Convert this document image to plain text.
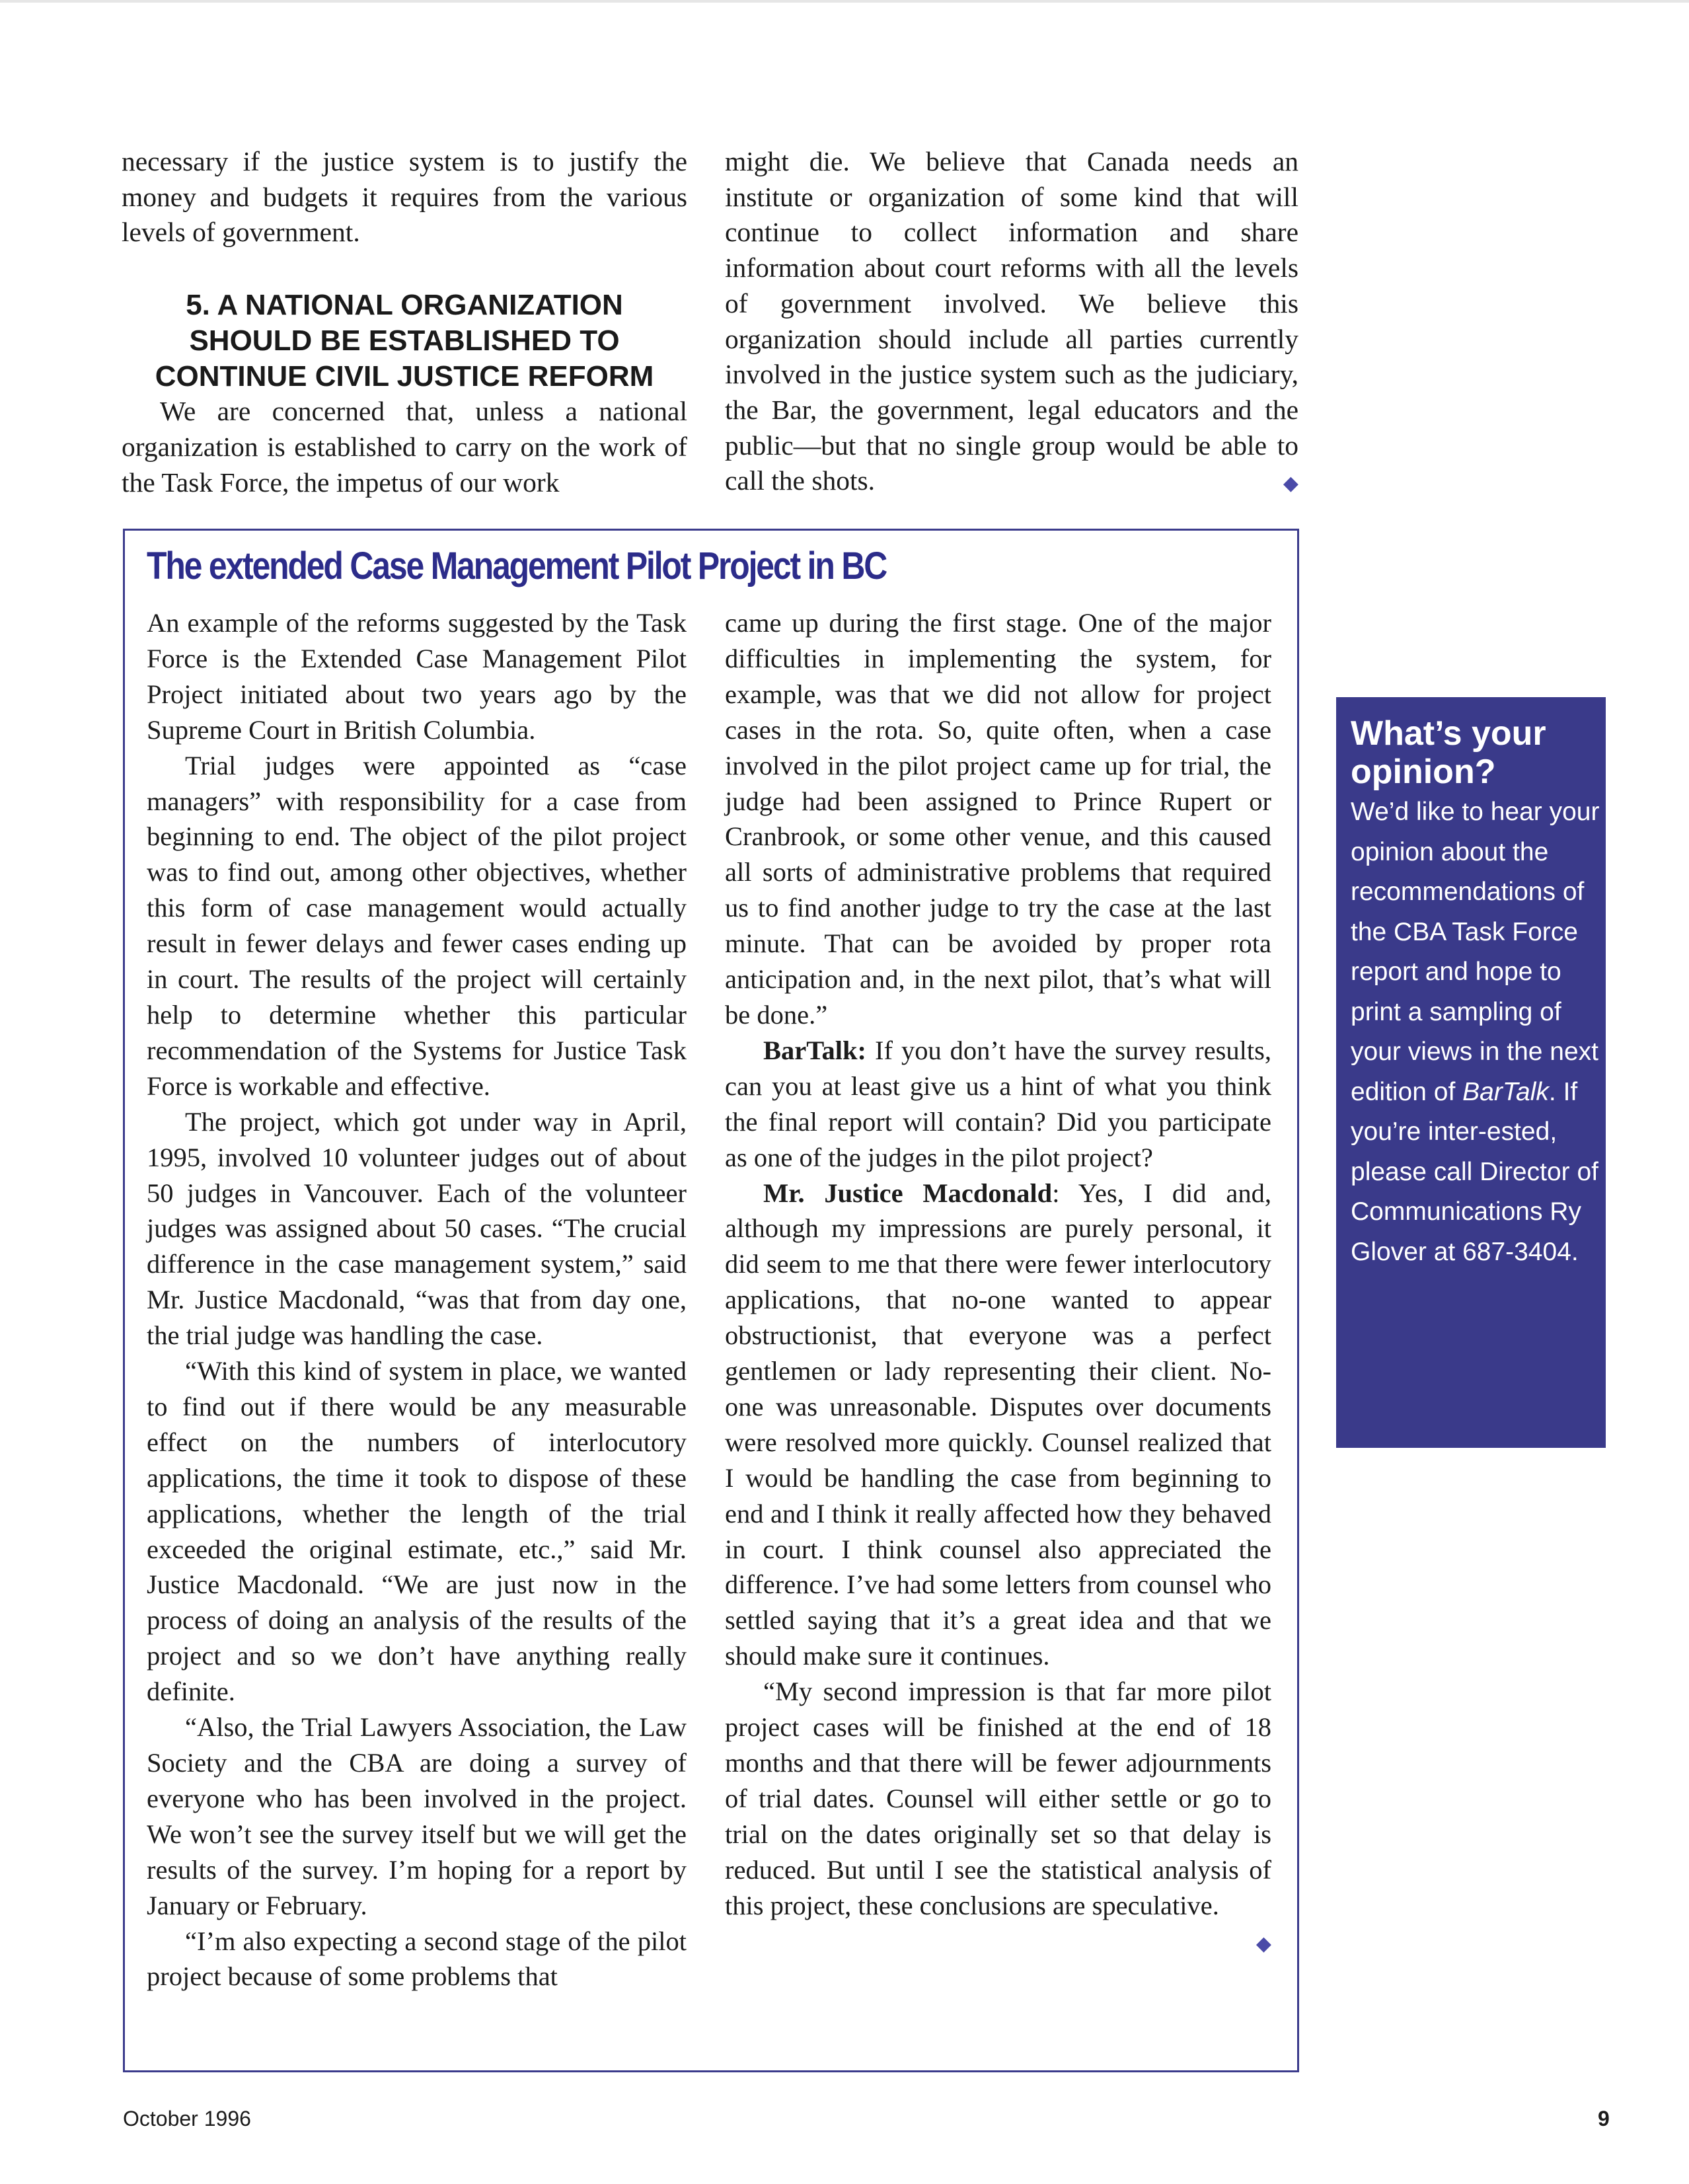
necessary if the justice system is to justify the money and budgets it requires from the various levels of government.

5. A NATIONAL ORGANIZATION SHOULD BE ESTABLISHED TO CONTINUE CIVIL JUSTICE REFORM

We are concerned that, unless a national organization is established to carry on the work of the Task Force, the impetus of our work

might die. We believe that Canada needs an institute or organization of some kind that will continue to collect information and share information about court reforms with all the levels of government involved. We believe this organization should include all parties currently involved in the justice system such as the judiciary, the Bar, the government, legal educators and the public—but that no single group would be able to call the shots.	◆

The extended Case Management Pilot Project in BC

An example of the reforms suggested by the Task Force is the Extended Case Management Pilot Project initiated about two years ago by the Supreme Court in British Columbia.

Trial judges were appointed as “case managers” with responsibility for a case from beginning to end. The object of the pilot project was to find out, among other objectives, whether this form of case management would actually result in fewer delays and fewer cases ending up in court. The results of the project will certainly help to determine whether this particular recommendation of the Systems for Justice Task Force is workable and effective.

The project, which got under way in April, 1995, involved 10 volunteer judges out of about 50 judges in Vancouver. Each of the volunteer judges was assigned about 50 cases. “The crucial difference in the case management system,” said Mr. Justice Macdonald, “was that from day one, the trial judge was handling the case.

“With this kind of system in place, we wanted to find out if there would be any measurable effect on the numbers of interlocutory applications, the time it took to dispose of these applications, whether the length of the trial exceeded the original estimate, etc.,” said Mr. Justice Macdonald. “We are just now in the process of doing an analysis of the results of the project and so we don’t have anything really definite.

“Also, the Trial Lawyers Association, the Law Society and the CBA are doing a survey of everyone who has been involved in the project. We won’t see the survey itself but we will get the results of the survey. I’m hoping for a report by January or February.

“I’m also expecting a second stage of the pilot project because of some problems that

came up during the first stage. One of the major difficulties in implementing the system, for example, was that we did not allow for project cases in the rota. So, quite often, when a case involved in the pilot project came up for trial, the judge had been assigned to Prince Rupert or Cranbrook, or some other venue, and this caused all sorts of administrative problems that required us to find another judge to try the case at the last minute. That can be avoided by proper rota anticipation and, in the next pilot, that’s what will be done.”

BarTalk: If you don’t have the survey results, can you at least give us a hint of what you think the final report will contain? Did you participate as one of the judges in the pilot project?

Mr. Justice Macdonald: Yes, I did and, although my impressions are purely personal, it did seem to me that there were fewer interlocutory applications, that no-one wanted to appear obstructionist, that everyone was a perfect gentlemen or lady representing their client. No-one was unreasonable. Disputes over documents were resolved more quickly. Counsel realized that I would be handling the case from beginning to end and I think it really affected how they behaved in court. I think counsel also appreciated the difference. I’ve had some letters from counsel who settled saying that it’s a great idea and that we should make sure it continues.

“My second impression is that far more pilot project cases will be finished at the end of 18 months and that there will be fewer adjournments of trial dates. Counsel will either settle or go to trial on the dates originally set so that delay is reduced. But until I see the statistical analysis of this project, these conclusions are speculative.
◆

What’s your opinion?
We’d like to hear your opinion about the recommendations of the CBA Task Force report and hope to print a sampling of your views in the next edition of BarTalk. If you’re inter-ested, please call Director of Communications Ry Glover at 687-3404.
October 1996	9
